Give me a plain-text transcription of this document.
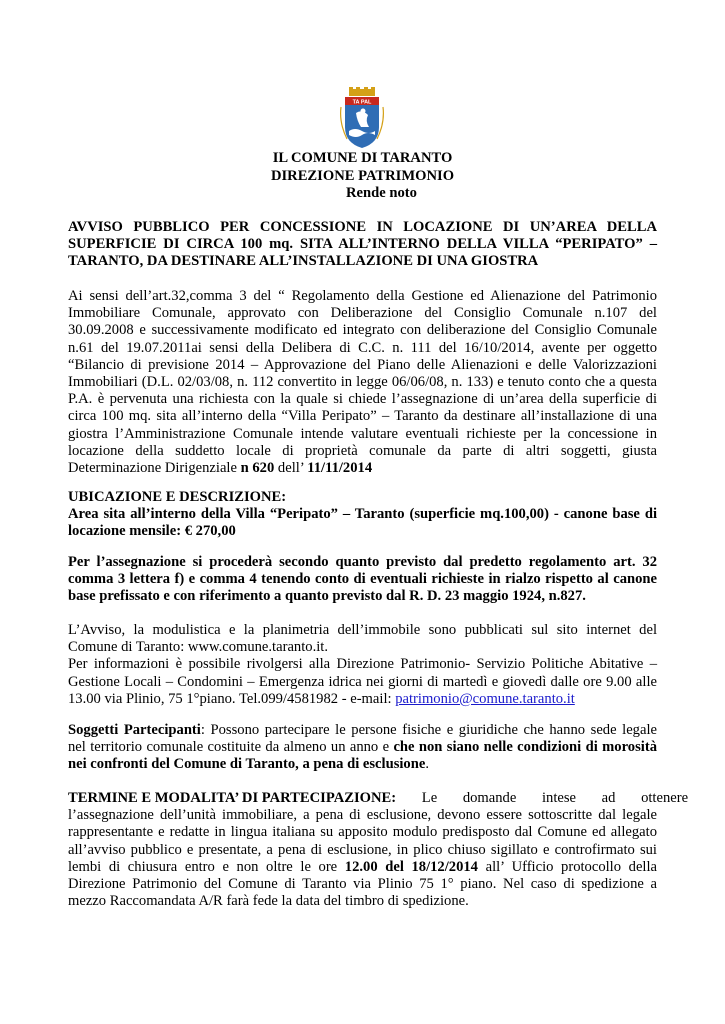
TA PAL
IL COMUNE DI TARANTO
DIREZIONE PATRIMONIO
Rende noto
AVVISO PUBBLICO PER CONCESSIONE IN LOCAZIONE DI UN’AREA DELLA
SUPERFICIE DI CIRCA 100 mq. SITA ALL’INTERNO DELLA VILLA “PERIPATO” –
TARANTO, DA DESTINARE ALL’INSTALLAZIONE DI UNA GIOSTRA
Ai sensi dell’art.32,comma 3 del “ Regolamento della Gestione ed Alienazione del Patrimonio
Immobiliare Comunale, approvato con Deliberazione del Consiglio Comunale n.107 del
30.09.2008 e successivamente modificato ed integrato con deliberazione del Consiglio Comunale
n.61 del 19.07.2011ai sensi della Delibera di C.C. n. 111 del 16/10/2014, avente per oggetto
“Bilancio di previsione 2014 – Approvazione del Piano delle Alienazioni e delle Valorizzazioni
Immobiliari (D.L. 02/03/08, n. 112 convertito in legge 06/06/08, n. 133) e tenuto conto che a questa
P.A. è pervenuta una richiesta con la quale si chiede l’assegnazione di un’area della superficie di
circa 100 mq. sita all’interno della “Villa Peripato” – Taranto da destinare all’installazione di una
giostra l’Amministrazione Comunale intende valutare eventuali richieste per la concessione in
locazione della suddetto locale di proprietà comunale da parte di altri soggetti, giusta
Determinazione Dirigenziale n 620 dell’ 11/11/2014
UBICAZIONE E DESCRIZIONE:
Area sita all’interno della Villa “Peripato” – Taranto (superficie mq.100,00) - canone base di
locazione mensile: € 270,00
Per l’assegnazione si procederà secondo quanto previsto dal predetto regolamento art. 32
comma 3 lettera f) e comma 4 tenendo conto di eventuali richieste in rialzo rispetto al canone
base prefissato e con riferimento a quanto previsto dal R. D. 23 maggio 1924, n.827.
L’Avviso, la modulistica e la planimetria dell’immobile sono pubblicati sul sito internet del
Comune di Taranto: www.comune.taranto.it.
Per informazioni è possibile rivolgersi alla Direzione Patrimonio- Servizio Politiche Abitative –
Gestione Locali – Condomini – Emergenza idrica nei giorni di martedì e giovedì dalle ore 9.00 alle
13.00 via Plinio, 75 1°piano. Tel.099/4581982 - e-mail: patrimonio@comune.taranto.it
Soggetti Partecipanti: Possono partecipare le persone fisiche e giuridiche che hanno sede legale
nel territorio comunale costituite da almeno un anno e che non siano nelle condizioni di morosità
nei confronti del Comune di Taranto, a pena di esclusione.
TERMINE E MODALITA’ DI PARTECIPAZIONE: Le domande intese ad ottenere
l’assegnazione dell’unità immobiliare, a pena di esclusione, devono essere sottoscritte dal legale
rappresentante e redatte in lingua italiana su apposito modulo predisposto dal Comune ed allegato
all’avviso pubblico e presentate, a pena di esclusione, in plico chiuso sigillato e controfirmato sui
lembi di chiusura entro e non oltre le ore 12.00 del 18/12/2014 all’ Ufficio protocollo della
Direzione Patrimonio del Comune di Taranto via Plinio 75 1° piano. Nel caso di spedizione a
mezzo Raccomandata A/R farà fede la data del timbro di spedizione.
